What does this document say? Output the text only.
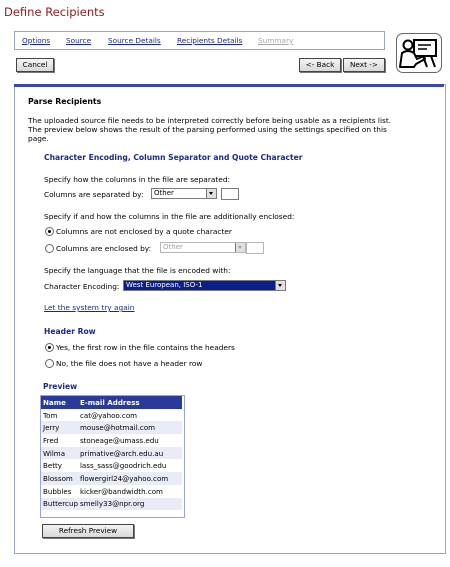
Define Recipients
Options Source Source Details Recipients Details Summary
Cancel	<- Back	Next ->
Parse Recipients
The uploaded source file needs to be interpreted correctly before being usable as a recipients list.
The preview below shows the result of the parsing performed using the settings specified on this
page.
Character Encoding, Column Separator and Quote Character
Specify how the columns in the file are separated:
Columns are separated by:	Other
Specify if and how the columns in the file are additionally enclosed:
Columns are not enclosed by a quote character
Columns are enclosed by:	Other
Specify the language that the file is encoded with:
Character Encoding: West European, ISO-1
Let the system try again
Header Row
Yes, the first row in the file contains the headers
No, the file does not have a header row
Preview
Name	E-mail Address
Tom	cat@yahoo.com
Jerry	mouse@hotmail.com
Fred	stoneage@umass.edu
Wilma	primative@arch.edu.au
Betty	lass_sass@goodrich.edu
Blossom	flowergirl24@yahoo.com
Bubbles	kicker@bandwidth.com
Buttercup	smelly33@npr.org
Refresh Preview
